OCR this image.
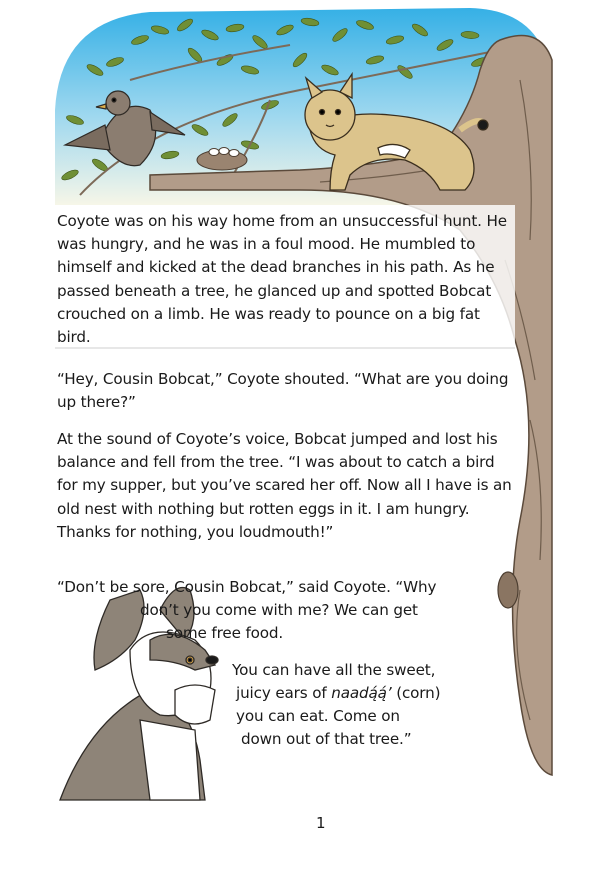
Coyote was on his way home from an unsuccessful hunt. He was hungry, and he was in a foul mood. He mumbled to himself and kicked at the dead branches in his path. As he passed beneath a tree, he glanced up and spotted Bobcat crouched on a limb. He was ready to pounce on a big fat bird.

“Hey, Cousin Bobcat,” Coyote shouted. “What are you doing up there?”

At the sound of Coyote’s voice, Bobcat jumped and lost his balance and fell from the tree. “I was about to catch a bird for my supper, but you’ve scared her off. Now all I have is an old nest with nothing but rotten eggs in it. I am hungry. Thanks for nothing, you loudmouth!”

“Don’t be sore, Cousin Bobcat,” said Coyote. “Why
don’t you come with me? We can get
some free food.
You can have all the sweet,
juicy ears of naadą́ą́’ (corn)
you can eat. Come on
down out of that tree.”
1
